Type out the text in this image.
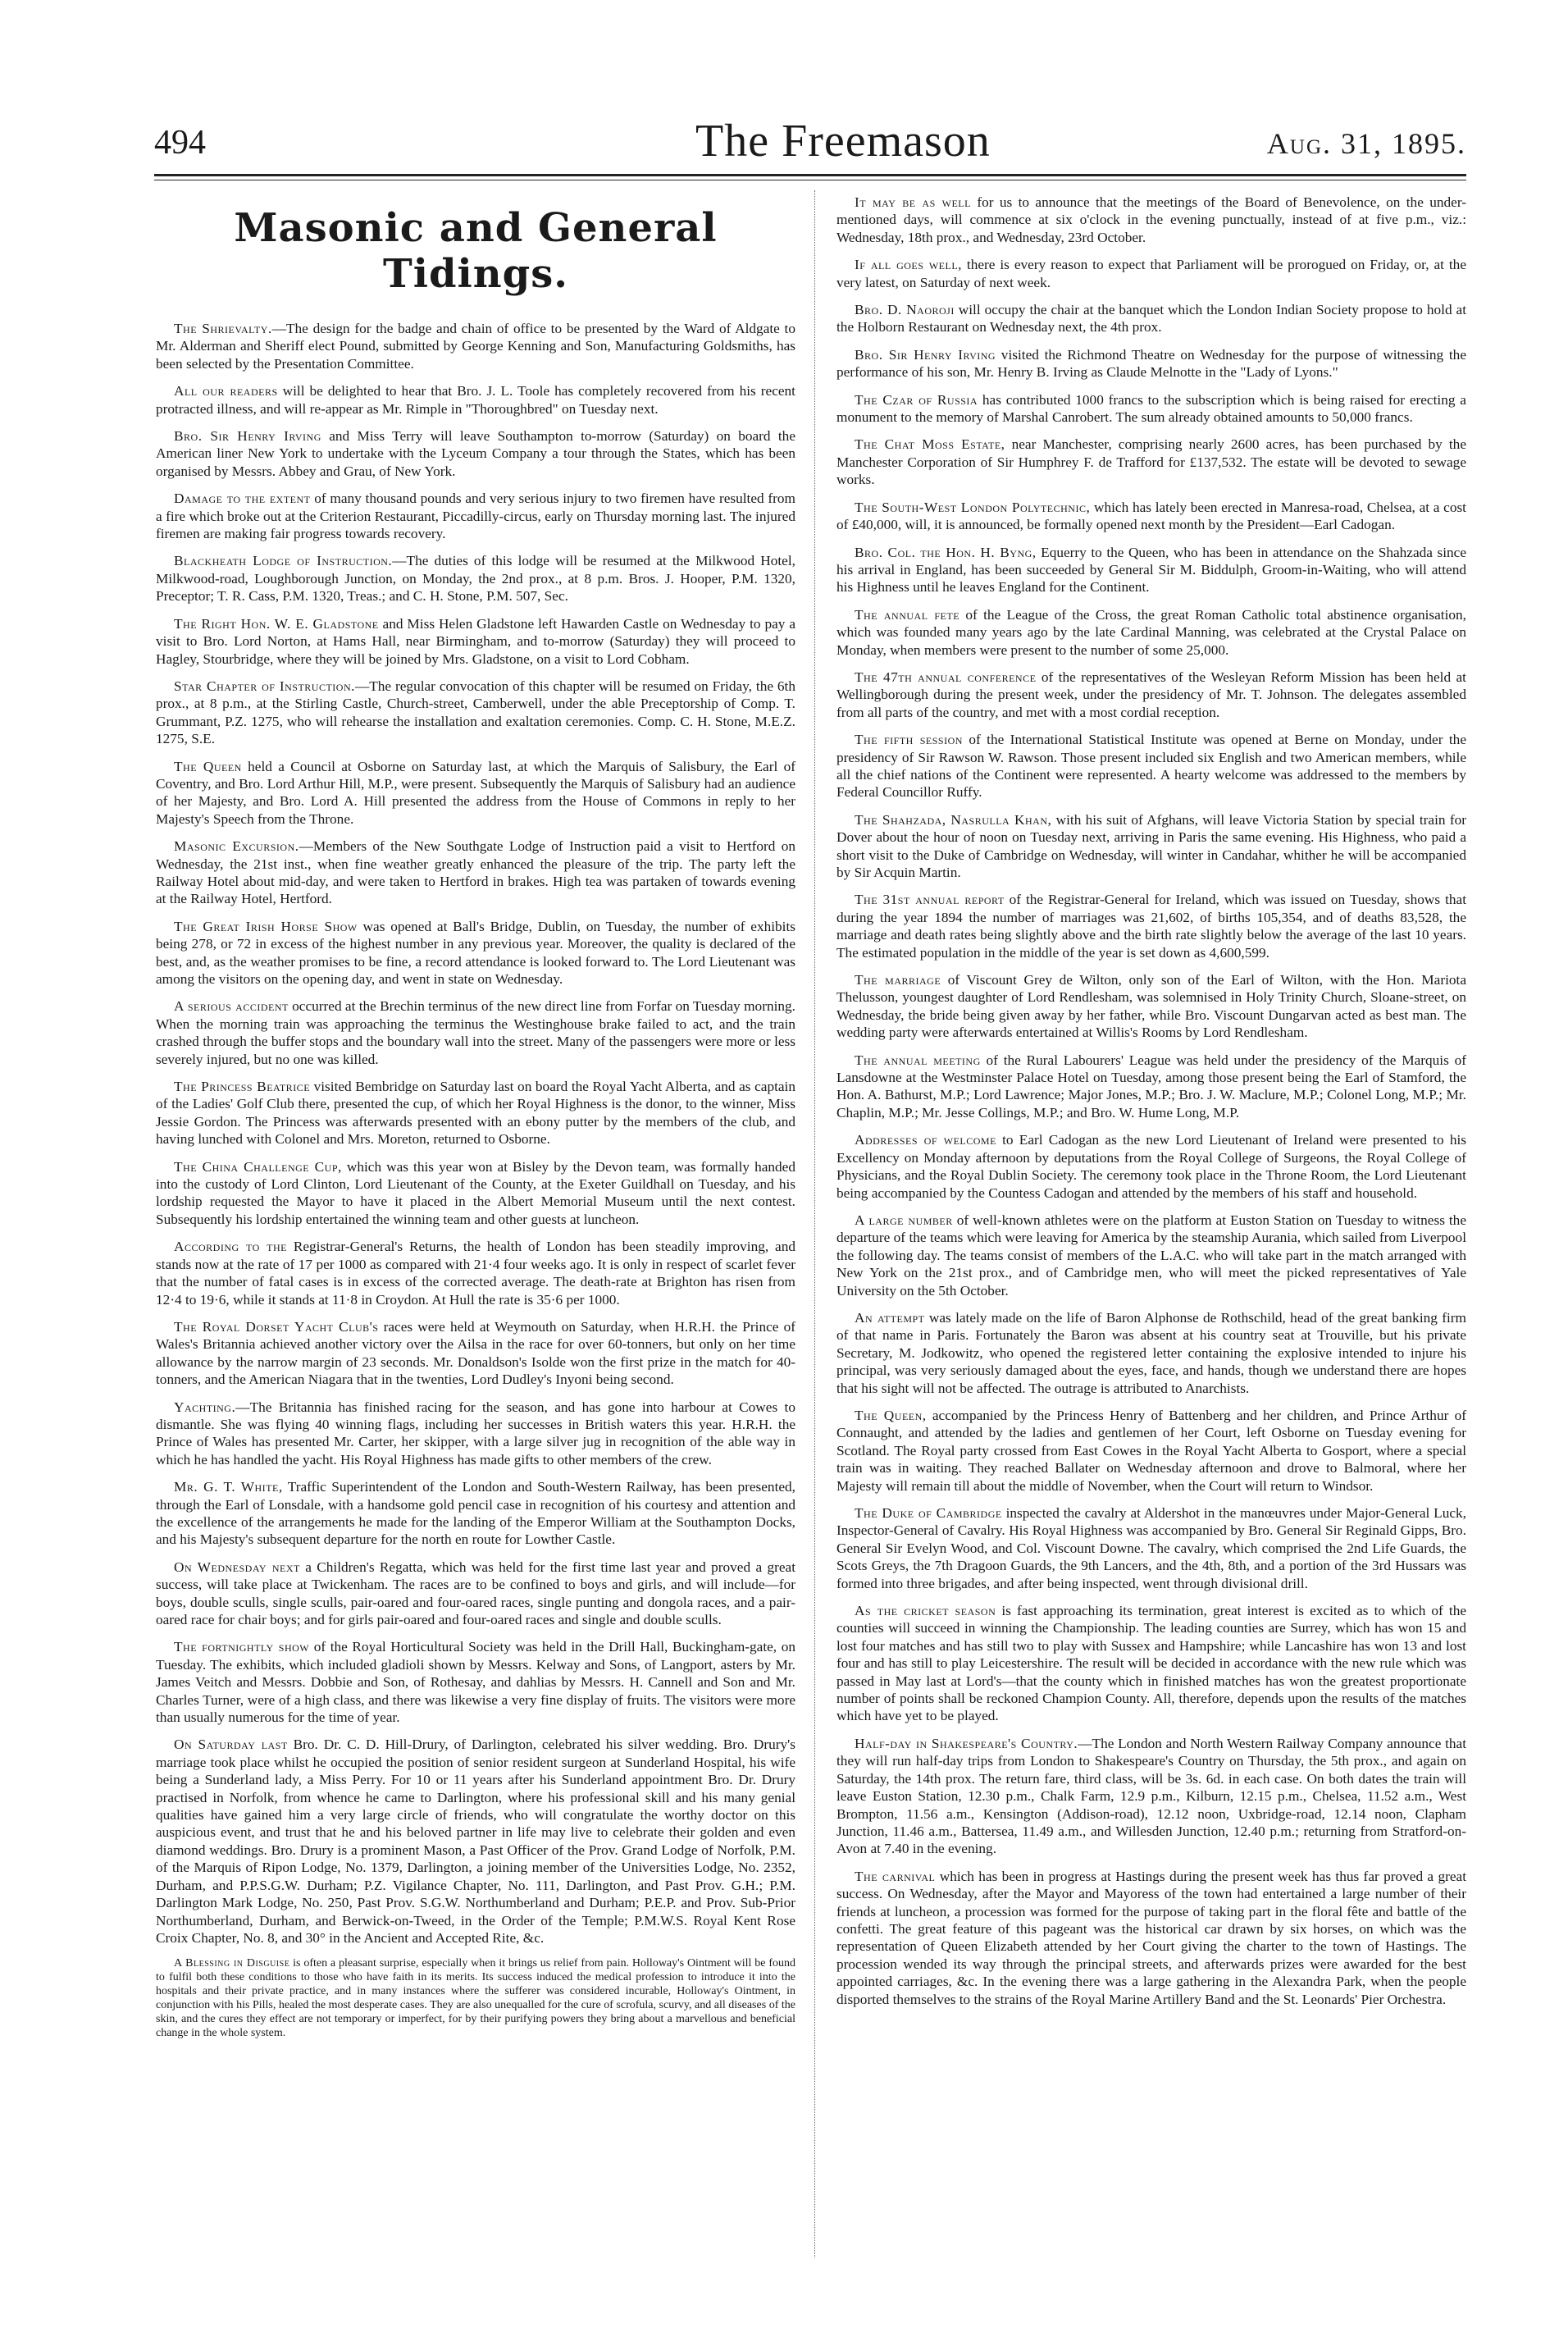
494	The Freemason	Aug. 31, 1895.
Masonic and General Tidings.

The Shrievalty.—The design for the badge and chain of office to be presented by the Ward of Aldgate to Mr. Alderman and Sheriff elect Pound, submitted by George Kenning and Son, Manufacturing Goldsmiths, has been selected by the Presentation Committee.

All our readers will be delighted to hear that Bro. J. L. Toole has completely recovered from his recent protracted illness, and will re-appear as Mr. Rimple in "Thoroughbred" on Tuesday next.

Bro. Sir Henry Irving and Miss Terry will leave Southampton to-morrow (Saturday) on board the American liner New York to undertake with the Lyceum Company a tour through the States, which has been organised by Messrs. Abbey and Grau, of New York.

Damage to the extent of many thousand pounds and very serious injury to two firemen have resulted from a fire which broke out at the Criterion Restaurant, Piccadilly-circus, early on Thursday morning last. The injured firemen are making fair progress towards recovery.

Blackheath Lodge of Instruction.—The duties of this lodge will be resumed at the Milkwood Hotel, Milkwood-road, Loughborough Junction, on Monday, the 2nd prox., at 8 p.m. Bros. J. Hooper, P.M. 1320, Preceptor; T. R. Cass, P.M. 1320, Treas.; and C. H. Stone, P.M. 507, Sec.

The Right Hon. W. E. Gladstone and Miss Helen Gladstone left Hawarden Castle on Wednesday to pay a visit to Bro. Lord Norton, at Hams Hall, near Birmingham, and to-morrow (Saturday) they will proceed to Hagley, Stourbridge, where they will be joined by Mrs. Gladstone, on a visit to Lord Cobham.

Star Chapter of Instruction.—The regular convocation of this chapter will be resumed on Friday, the 6th prox., at 8 p.m., at the Stirling Castle, Church-street, Camberwell, under the able Preceptorship of Comp. T. Grummant, P.Z. 1275, who will rehearse the installation and exaltation ceremonies. Comp. C. H. Stone, M.E.Z. 1275, S.E.

The Queen held a Council at Osborne on Saturday last, at which the Marquis of Salisbury, the Earl of Coventry, and Bro. Lord Arthur Hill, M.P., were present. Subsequently the Marquis of Salisbury had an audience of her Majesty, and Bro. Lord A. Hill presented the address from the House of Commons in reply to her Majesty's Speech from the Throne.

Masonic Excursion.—Members of the New Southgate Lodge of Instruction paid a visit to Hertford on Wednesday, the 21st inst., when fine weather greatly enhanced the pleasure of the trip. The party left the Railway Hotel about mid-day, and were taken to Hertford in brakes. High tea was partaken of towards evening at the Railway Hotel, Hertford.

The Great Irish Horse Show was opened at Ball's Bridge, Dublin, on Tuesday, the number of exhibits being 278, or 72 in excess of the highest number in any previous year. Moreover, the quality is declared of the best, and, as the weather promises to be fine, a record attendance is looked forward to. The Lord Lieutenant was among the visitors on the opening day, and went in state on Wednesday.

A serious accident occurred at the Brechin terminus of the new direct line from Forfar on Tuesday morning. When the morning train was approaching the terminus the Westinghouse brake failed to act, and the train crashed through the buffer stops and the boundary wall into the street. Many of the passengers were more or less severely injured, but no one was killed.

The Princess Beatrice visited Bembridge on Saturday last on board the Royal Yacht Alberta, and as captain of the Ladies' Golf Club there, presented the cup, of which her Royal Highness is the donor, to the winner, Miss Jessie Gordon. The Princess was afterwards presented with an ebony putter by the members of the club, and having lunched with Colonel and Mrs. Moreton, returned to Osborne.

The China Challenge Cup, which was this year won at Bisley by the Devon team, was formally handed into the custody of Lord Clinton, Lord Lieutenant of the County, at the Exeter Guildhall on Tuesday, and his lordship requested the Mayor to have it placed in the Albert Memorial Museum until the next contest. Subsequently his lordship entertained the winning team and other guests at luncheon.

According to the Registrar-General's Returns, the health of London has been steadily improving, and stands now at the rate of 17 per 1000 as compared with 21·4 four weeks ago. It is only in respect of scarlet fever that the number of fatal cases is in excess of the corrected average. The death-rate at Brighton has risen from 12·4 to 19·6, while it stands at 11·8 in Croydon. At Hull the rate is 35·6 per 1000.

The Royal Dorset Yacht Club's races were held at Weymouth on Saturday, when H.R.H. the Prince of Wales's Britannia achieved another victory over the Ailsa in the race for over 60-tonners, but only on her time allowance by the narrow margin of 23 seconds. Mr. Donaldson's Isolde won the first prize in the match for 40-tonners, and the American Niagara that in the twenties, Lord Dudley's Inyoni being second.

Yachting.—The Britannia has finished racing for the season, and has gone into harbour at Cowes to dismantle. She was flying 40 winning flags, including her successes in British waters this year. H.R.H. the Prince of Wales has presented Mr. Carter, her skipper, with a large silver jug in recognition of the able way in which he has handled the yacht. His Royal Highness has made gifts to other members of the crew.

Mr. G. T. White, Traffic Superintendent of the London and South-Western Railway, has been presented, through the Earl of Lonsdale, with a handsome gold pencil case in recognition of his courtesy and attention and the excellence of the arrangements he made for the landing of the Emperor William at the Southampton Docks, and his Majesty's subsequent departure for the north en route for Lowther Castle.

On Wednesday next a Children's Regatta, which was held for the first time last year and proved a great success, will take place at Twickenham. The races are to be confined to boys and girls, and will include—for boys, double sculls, single sculls, pair-oared and four-oared races, single punting and dongola races, and a pair-oared race for chair boys; and for girls pair-oared and four-oared races and single and double sculls.

The fortnightly show of the Royal Horticultural Society was held in the Drill Hall, Buckingham-gate, on Tuesday. The exhibits, which included gladioli shown by Messrs. Kelway and Sons, of Langport, asters by Mr. James Veitch and Messrs. Dobbie and Son, of Rothesay, and dahlias by Messrs. H. Cannell and Son and Mr. Charles Turner, were of a high class, and there was likewise a very fine display of fruits. The visitors were more than usually numerous for the time of year.

On Saturday last Bro. Dr. C. D. Hill-Drury, of Darlington, celebrated his silver wedding. Bro. Drury's marriage took place whilst he occupied the position of senior resident surgeon at Sunderland Hospital, his wife being a Sunderland lady, a Miss Perry. For 10 or 11 years after his Sunderland appointment Bro. Dr. Drury practised in Norfolk, from whence he came to Darlington, where his professional skill and his many genial qualities have gained him a very large circle of friends, who will congratulate the worthy doctor on this auspicious event, and trust that he and his beloved partner in life may live to celebrate their golden and even diamond weddings. Bro. Drury is a prominent Mason, a Past Officer of the Prov. Grand Lodge of Norfolk, P.M. of the Marquis of Ripon Lodge, No. 1379, Darlington, a joining member of the Universities Lodge, No. 2352, Durham, and P.P.S.G.W. Durham; P.Z. Vigilance Chapter, No. 111, Darlington, and Past Prov. G.H.; P.M. Darlington Mark Lodge, No. 250, Past Prov. S.G.W. Northumberland and Durham; P.E.P. and Prov. Sub-Prior Northumberland, Durham, and Berwick-on-Tweed, in the Order of the Temple; P.M.W.S. Royal Kent Rose Croix Chapter, No. 8, and 30° in the Ancient and Accepted Rite, &c.

A Blessing in Disguise is often a pleasant surprise, especially when it brings us relief from pain. Holloway's Ointment will be found to fulfil both these conditions to those who have faith in its merits. Its success induced the medical profession to introduce it into the hospitals and their private practice, and in many instances where the sufferer was considered incurable, Holloway's Ointment, in conjunction with his Pills, healed the most desperate cases. They are also unequalled for the cure of scrofula, scurvy, and all diseases of the skin, and the cures they effect are not temporary or imperfect, for by their purifying powers they bring about a marvellous and beneficial change in the whole system.

It may be as well for us to announce that the meetings of the Board of Benevolence, on the under-mentioned days, will commence at six o'clock in the evening punctually, instead of at five p.m., viz.: Wednesday, 18th prox., and Wednesday, 23rd October.

If all goes well, there is every reason to expect that Parliament will be prorogued on Friday, or, at the very latest, on Saturday of next week.

Bro. D. Naoroji will occupy the chair at the banquet which the London Indian Society propose to hold at the Holborn Restaurant on Wednesday next, the 4th prox.

Bro. Sir Henry Irving visited the Richmond Theatre on Wednesday for the purpose of witnessing the performance of his son, Mr. Henry B. Irving as Claude Melnotte in the "Lady of Lyons."

The Czar of Russia has contributed 1000 francs to the subscription which is being raised for erecting a monument to the memory of Marshal Canrobert. The sum already obtained amounts to 50,000 francs.

The Chat Moss Estate, near Manchester, comprising nearly 2600 acres, has been purchased by the Manchester Corporation of Sir Humphrey F. de Trafford for £137,532. The estate will be devoted to sewage works.

The South-West London Polytechnic, which has lately been erected in Manresa-road, Chelsea, at a cost of £40,000, will, it is announced, be formally opened next month by the President—Earl Cadogan.

Bro. Col. the Hon. H. Byng, Equerry to the Queen, who has been in attendance on the Shahzada since his arrival in England, has been succeeded by General Sir M. Biddulph, Groom-in-Waiting, who will attend his Highness until he leaves England for the Continent.

The annual fete of the League of the Cross, the great Roman Catholic total abstinence organisation, which was founded many years ago by the late Cardinal Manning, was celebrated at the Crystal Palace on Monday, when members were present to the number of some 25,000.

The 47th annual conference of the representatives of the Wesleyan Reform Mission has been held at Wellingborough during the present week, under the presidency of Mr. T. Johnson. The delegates assembled from all parts of the country, and met with a most cordial reception.

The fifth session of the International Statistical Institute was opened at Berne on Monday, under the presidency of Sir Rawson W. Rawson. Those present included six English and two American members, while all the chief nations of the Continent were represented. A hearty welcome was addressed to the members by Federal Councillor Ruffy.

The Shahzada, Nasrulla Khan, with his suit of Afghans, will leave Victoria Station by special train for Dover about the hour of noon on Tuesday next, arriving in Paris the same evening. His Highness, who paid a short visit to the Duke of Cambridge on Wednesday, will winter in Candahar, whither he will be accompanied by Sir Acquin Martin.

The 31st annual report of the Registrar-General for Ireland, which was issued on Tuesday, shows that during the year 1894 the number of marriages was 21,602, of births 105,354, and of deaths 83,528, the marriage and death rates being slightly above and the birth rate slightly below the average of the last 10 years. The estimated population in the middle of the year is set down as 4,600,599.

The marriage of Viscount Grey de Wilton, only son of the Earl of Wilton, with the Hon. Mariota Thelusson, youngest daughter of Lord Rendlesham, was solemnised in Holy Trinity Church, Sloane-street, on Wednesday, the bride being given away by her father, while Bro. Viscount Dungarvan acted as best man. The wedding party were afterwards entertained at Willis's Rooms by Lord Rendlesham.

The annual meeting of the Rural Labourers' League was held under the presidency of the Marquis of Lansdowne at the Westminster Palace Hotel on Tuesday, among those present being the Earl of Stamford, the Hon. A. Bathurst, M.P.; Lord Lawrence; Major Jones, M.P.; Bro. J. W. Maclure, M.P.; Colonel Long, M.P.; Mr. Chaplin, M.P.; Mr. Jesse Collings, M.P.; and Bro. W. Hume Long, M.P.

Addresses of welcome to Earl Cadogan as the new Lord Lieutenant of Ireland were presented to his Excellency on Monday afternoon by deputations from the Royal College of Surgeons, the Royal College of Physicians, and the Royal Dublin Society. The ceremony took place in the Throne Room, the Lord Lieutenant being accompanied by the Countess Cadogan and attended by the members of his staff and household.

A large number of well-known athletes were on the platform at Euston Station on Tuesday to witness the departure of the teams which were leaving for America by the steamship Aurania, which sailed from Liverpool the following day. The teams consist of members of the L.A.C. who will take part in the match arranged with New York on the 21st prox., and of Cambridge men, who will meet the picked representatives of Yale University on the 5th October.

An attempt was lately made on the life of Baron Alphonse de Rothschild, head of the great banking firm of that name in Paris. Fortunately the Baron was absent at his country seat at Trouville, but his private Secretary, M. Jodkowitz, who opened the registered letter containing the explosive intended to injure his principal, was very seriously damaged about the eyes, face, and hands, though we understand there are hopes that his sight will not be affected. The outrage is attributed to Anarchists.

The Queen, accompanied by the Princess Henry of Battenberg and her children, and Prince Arthur of Connaught, and attended by the ladies and gentlemen of her Court, left Osborne on Tuesday evening for Scotland. The Royal party crossed from East Cowes in the Royal Yacht Alberta to Gosport, where a special train was in waiting. They reached Ballater on Wednesday afternoon and drove to Balmoral, where her Majesty will remain till about the middle of November, when the Court will return to Windsor.

The Duke of Cambridge inspected the cavalry at Aldershot in the manœuvres under Major-General Luck, Inspector-General of Cavalry. His Royal Highness was accompanied by Bro. General Sir Reginald Gipps, Bro. General Sir Evelyn Wood, and Col. Viscount Downe. The cavalry, which comprised the 2nd Life Guards, the Scots Greys, the 7th Dragoon Guards, the 9th Lancers, and the 4th, 8th, and a portion of the 3rd Hussars was formed into three brigades, and after being inspected, went through divisional drill.

As the cricket season is fast approaching its termination, great interest is excited as to which of the counties will succeed in winning the Championship. The leading counties are Surrey, which has won 15 and lost four matches and has still two to play with Sussex and Hampshire; while Lancashire has won 13 and lost four and has still to play Leicestershire. The result will be decided in accordance with the new rule which was passed in May last at Lord's—that the county which in finished matches has won the greatest proportionate number of points shall be reckoned Champion County. All, therefore, depends upon the results of the matches which have yet to be played.

Half-day in Shakespeare's Country.—The London and North Western Railway Company announce that they will run half-day trips from London to Shakespeare's Country on Thursday, the 5th prox., and again on Saturday, the 14th prox. The return fare, third class, will be 3s. 6d. in each case. On both dates the train will leave Euston Station, 12.30 p.m., Chalk Farm, 12.9 p.m., Kilburn, 12.15 p.m., Chelsea, 11.52 a.m., West Brompton, 11.56 a.m., Kensington (Addison-road), 12.12 noon, Uxbridge-road, 12.14 noon, Clapham Junction, 11.46 a.m., Battersea, 11.49 a.m., and Willesden Junction, 12.40 p.m.; returning from Stratford-on-Avon at 7.40 in the evening.

The carnival which has been in progress at Hastings during the present week has thus far proved a great success. On Wednesday, after the Mayor and Mayoress of the town had entertained a large number of their friends at luncheon, a procession was formed for the purpose of taking part in the floral fête and battle of the confetti. The great feature of this pageant was the historical car drawn by six horses, on which was the representation of Queen Elizabeth attended by her Court giving the charter to the town of Hastings. The procession wended its way through the principal streets, and afterwards prizes were awarded for the best appointed carriages, &c. In the evening there was a large gathering in the Alexandra Park, when the people disported themselves to the strains of the Royal Marine Artillery Band and the St. Leonards' Pier Orchestra.
